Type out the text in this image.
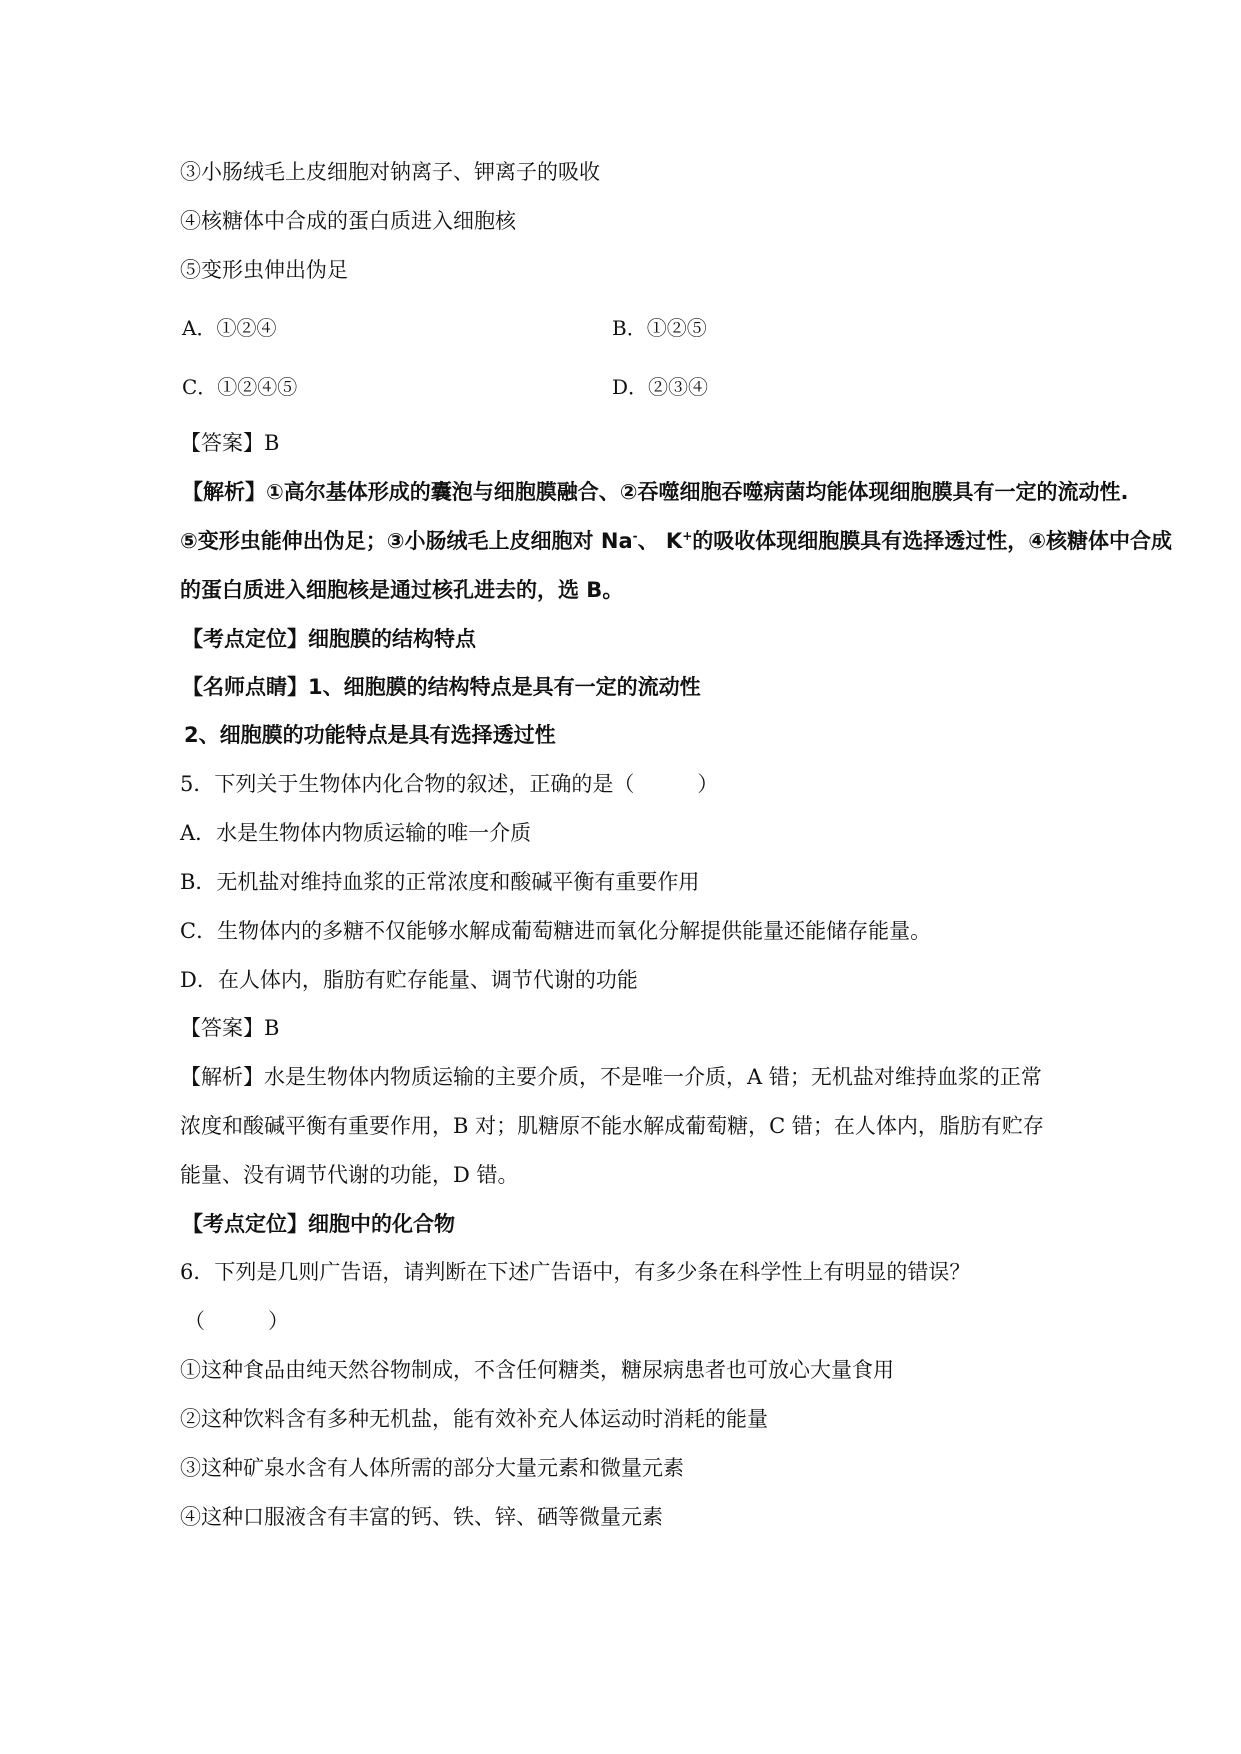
③小肠绒毛上皮细胞对钠离子、钾离子的吸收
④核糖体中合成的蛋白质进入细胞核
⑤变形虫伸出伪足
A．①②④	B．①②⑤
C．①②④⑤	D．②③④
【答案】B
【解析】①高尔基体形成的囊泡与细胞膜融合、②吞噬细胞吞噬病菌均能体现细胞膜具有一定的流动性.
⑤变形虫能伸出伪足；③小肠绒毛上皮细胞对 Na-、 K+的吸收体现细胞膜具有选择透过性，④核糖体中合成
的蛋白质进入细胞核是通过核孔进去的，选 B。
【考点定位】细胞膜的结构特点
【名师点睛】1、细胞膜的结构特点是具有一定的流动性
2、细胞膜的功能特点是具有选择透过性
5．下列关于生物体内化合物的叙述，正确的是（　　　）
A．水是生物体内物质运输的唯一介质
B．无机盐对维持血浆的正常浓度和酸碱平衡有重要作用
C．生物体内的多糖不仅能够水解成葡萄糖进而氧化分解提供能量还能储存能量。
D．在人体内，脂肪有贮存能量、调节代谢的功能
【答案】B
【解析】水是生物体内物质运输的主要介质，不是唯一介质，A 错；无机盐对维持血浆的正常
浓度和酸碱平衡有重要作用，B 对；肌糖原不能水解成葡萄糖，C 错；在人体内，脂肪有贮存
能量、没有调节代谢的功能，D 错。
【考点定位】细胞中的化合物
6．下列是几则广告语，请判断在下述广告语中，有多少条在科学性上有明显的错误？
（　　　）
①这种食品由纯天然谷物制成，不含任何糖类，糖尿病患者也可放心大量食用
②这种饮料含有多种无机盐，能有效补充人体运动时消耗的能量
③这种矿泉水含有人体所需的部分大量元素和微量元素
④这种口服液含有丰富的钙、铁、锌、硒等微量元素
